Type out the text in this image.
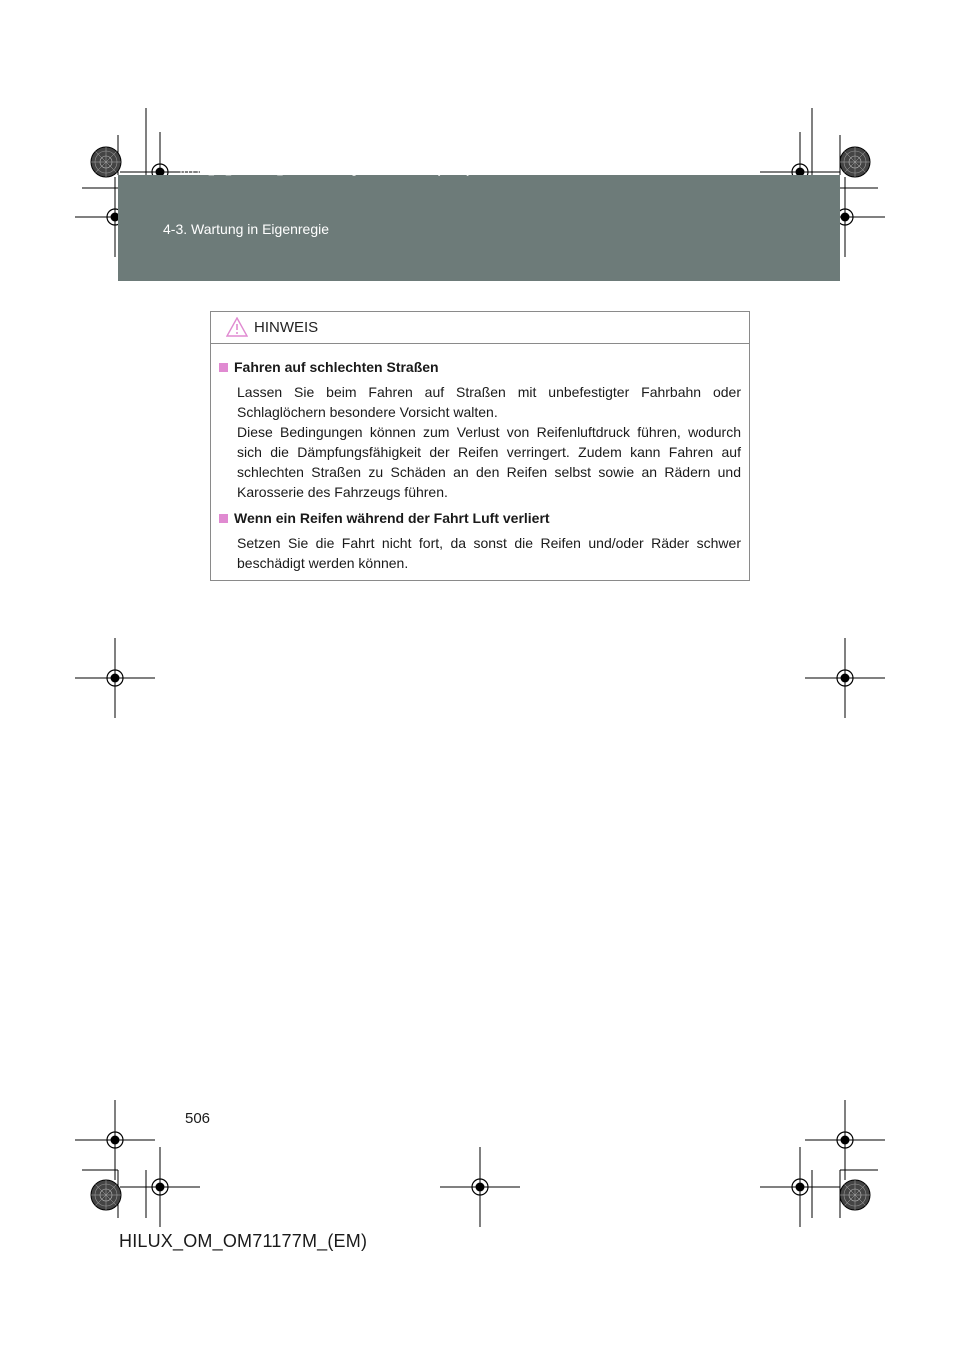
HILUX_OM_OM71177M_(EM).book Page 506 Wednesday, May 16, 2012 1:28 PM
4-3. Wartung in Eigenregie
HINWEIS
Fahren auf schlechten Straßen

Lassen Sie beim Fahren auf Straßen mit unbefestigter Fahrbahn oder Schlaglöchern besondere Vorsicht walten.

Diese Bedingungen können zum Verlust von Reifenluftdruck führen, wodurch sich die Dämpfungsfähigkeit der Reifen verringert. Zudem kann Fahren auf schlechten Straßen zu Schäden an den Reifen selbst sowie an Rädern und Karosserie des Fahrzeugs führen.

Wenn ein Reifen während der Fahrt Luft verliert

Setzen Sie die Fahrt nicht fort, da sonst die Reifen und/oder Räder schwer beschädigt werden können.

506
HILUX_OM_OM71177M_(EM)
